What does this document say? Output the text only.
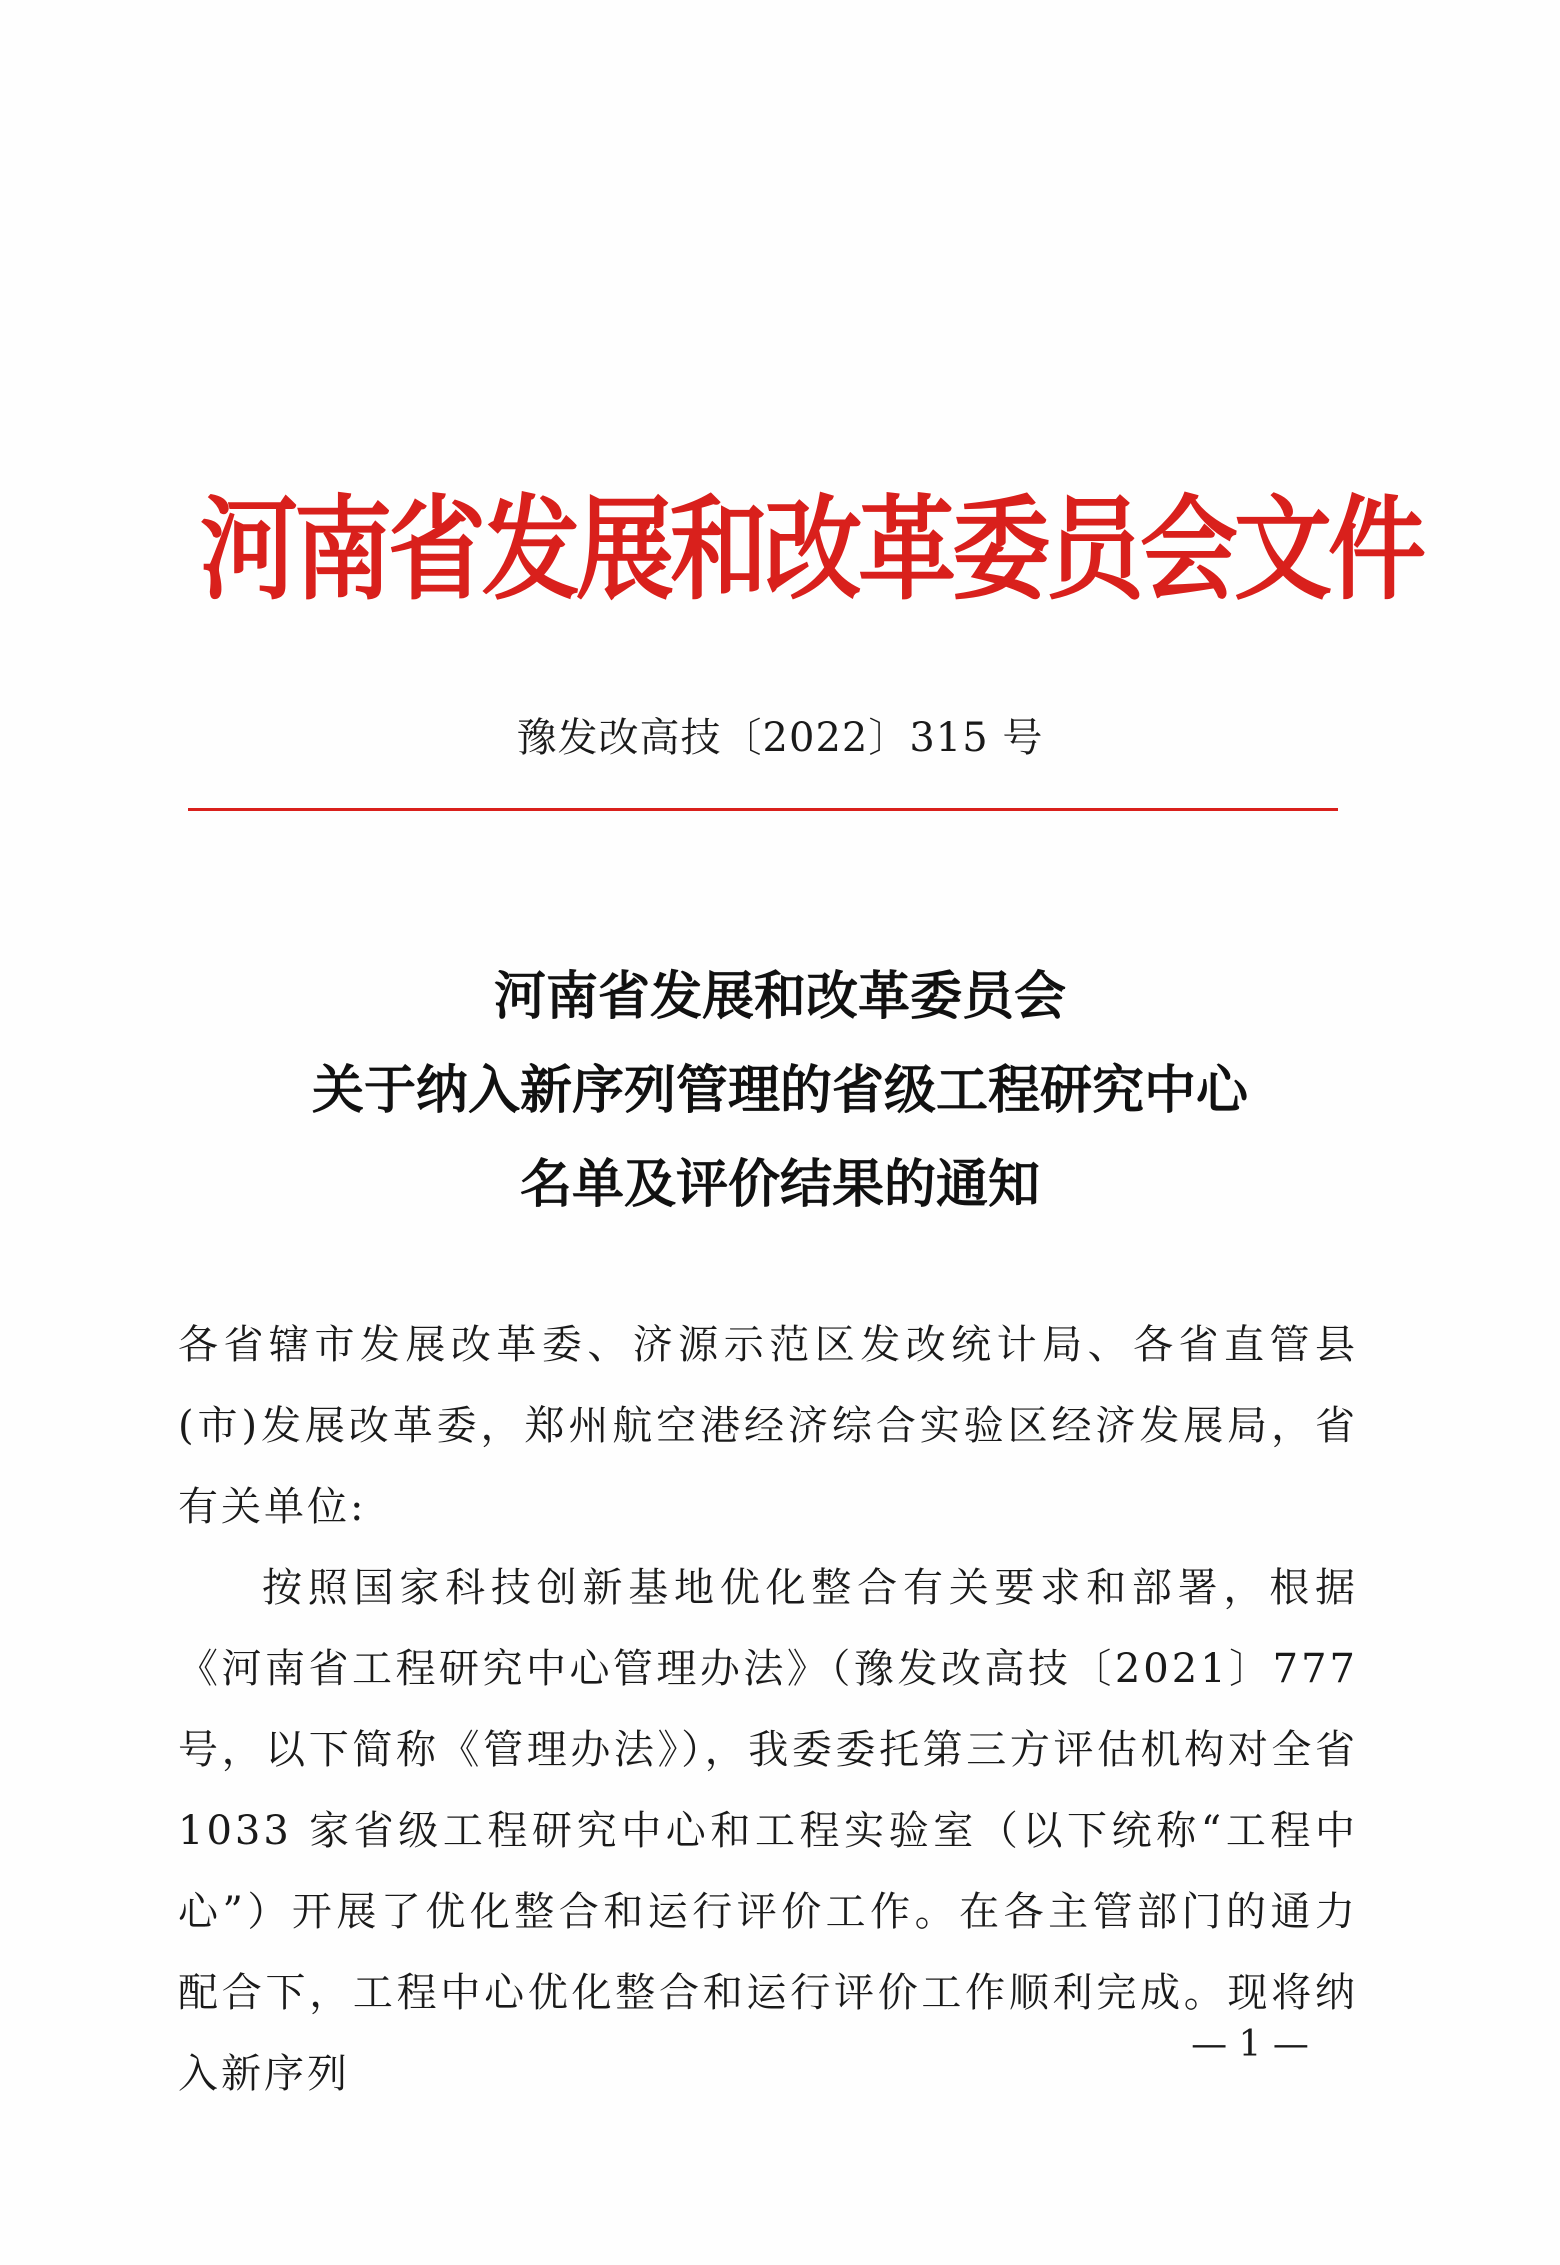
河南省发展和改革委员会文件
豫发改高技〔2022〕315 号
河南省发展和改革委员会
关于纳入新序列管理的省级工程研究中心
名单及评价结果的通知

各省辖市发展改革委、济源示范区发改统计局、各省直管县(市)发展改革委，郑州航空港经济综合实验区经济发展局，省有关单位:

按照国家科技创新基地优化整合有关要求和部署，根据《河南省工程研究中心管理办法》（豫发改高技〔2021〕777 号，以下简称《管理办法》），我委委托第三方评估机构对全省 1033 家省级工程研究中心和工程实验室（以下统称“工程中心”）开展了优化整合和运行评价工作。在各主管部门的通力配合下，工程中心优化整合和运行评价工作顺利完成。现将纳入新序列

— 1 —
